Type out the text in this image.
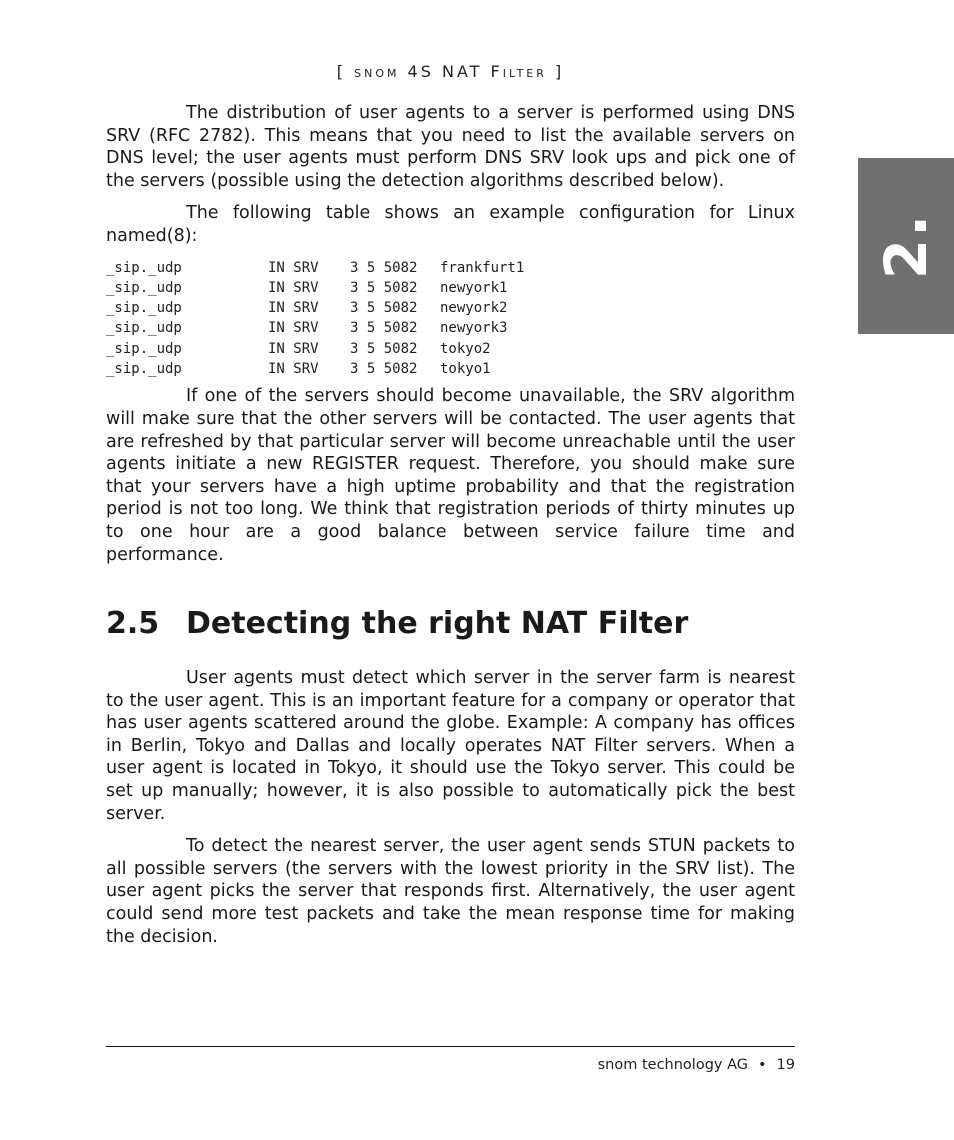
[ snom 4S NAT Filter ]
2.

The distribution of user agents to a server is performed using DNS SRV (RFC 2782). This means that you need to list the available servers on DNS level; the user agents must perform DNS SRV look ups and pick one of the servers (possible using the detection algorithms described below).

The following table shows an example configuration for Linux named(8):

_sip._udp	IN SRV	3 5 5082	frankfurt1
_sip._udp	IN SRV	3 5 5082	newyork1
_sip._udp	IN SRV	3 5 5082	newyork2
_sip._udp	IN SRV	3 5 5082	newyork3
_sip._udp	IN SRV	3 5 5082	tokyo2
_sip._udp	IN SRV	3 5 5082	tokyo1

If one of the servers should become unavailable, the SRV algorithm will make sure that the other servers will be contacted. The user agents that are refreshed by that particular server will become unreachable until the user agents initiate a new REGISTER request. Therefore, you should make sure that your servers have a high uptime probability and that the registration period is not too long. We think that registration periods of thirty minutes up to one hour are a good balance between service failure time and performance.

2.5 Detecting the right NAT Filter

User agents must detect which server in the server farm is nearest to the user agent. This is an important feature for a company or operator that has user agents scattered around the globe. Example: A company has offices in Berlin, Tokyo and Dallas and locally operates NAT Filter servers. When a user agent is located in Tokyo, it should use the Tokyo server. This could be set up manually; however, it is also possible to automatically pick the best server.

To detect the nearest server, the user agent sends STUN packets to all possible servers (the servers with the lowest priority in the SRV list). The user agent picks the server that responds first. Alternatively, the user agent could send more test packets and take the mean response time for making the decision.

snom technology AG • 19
